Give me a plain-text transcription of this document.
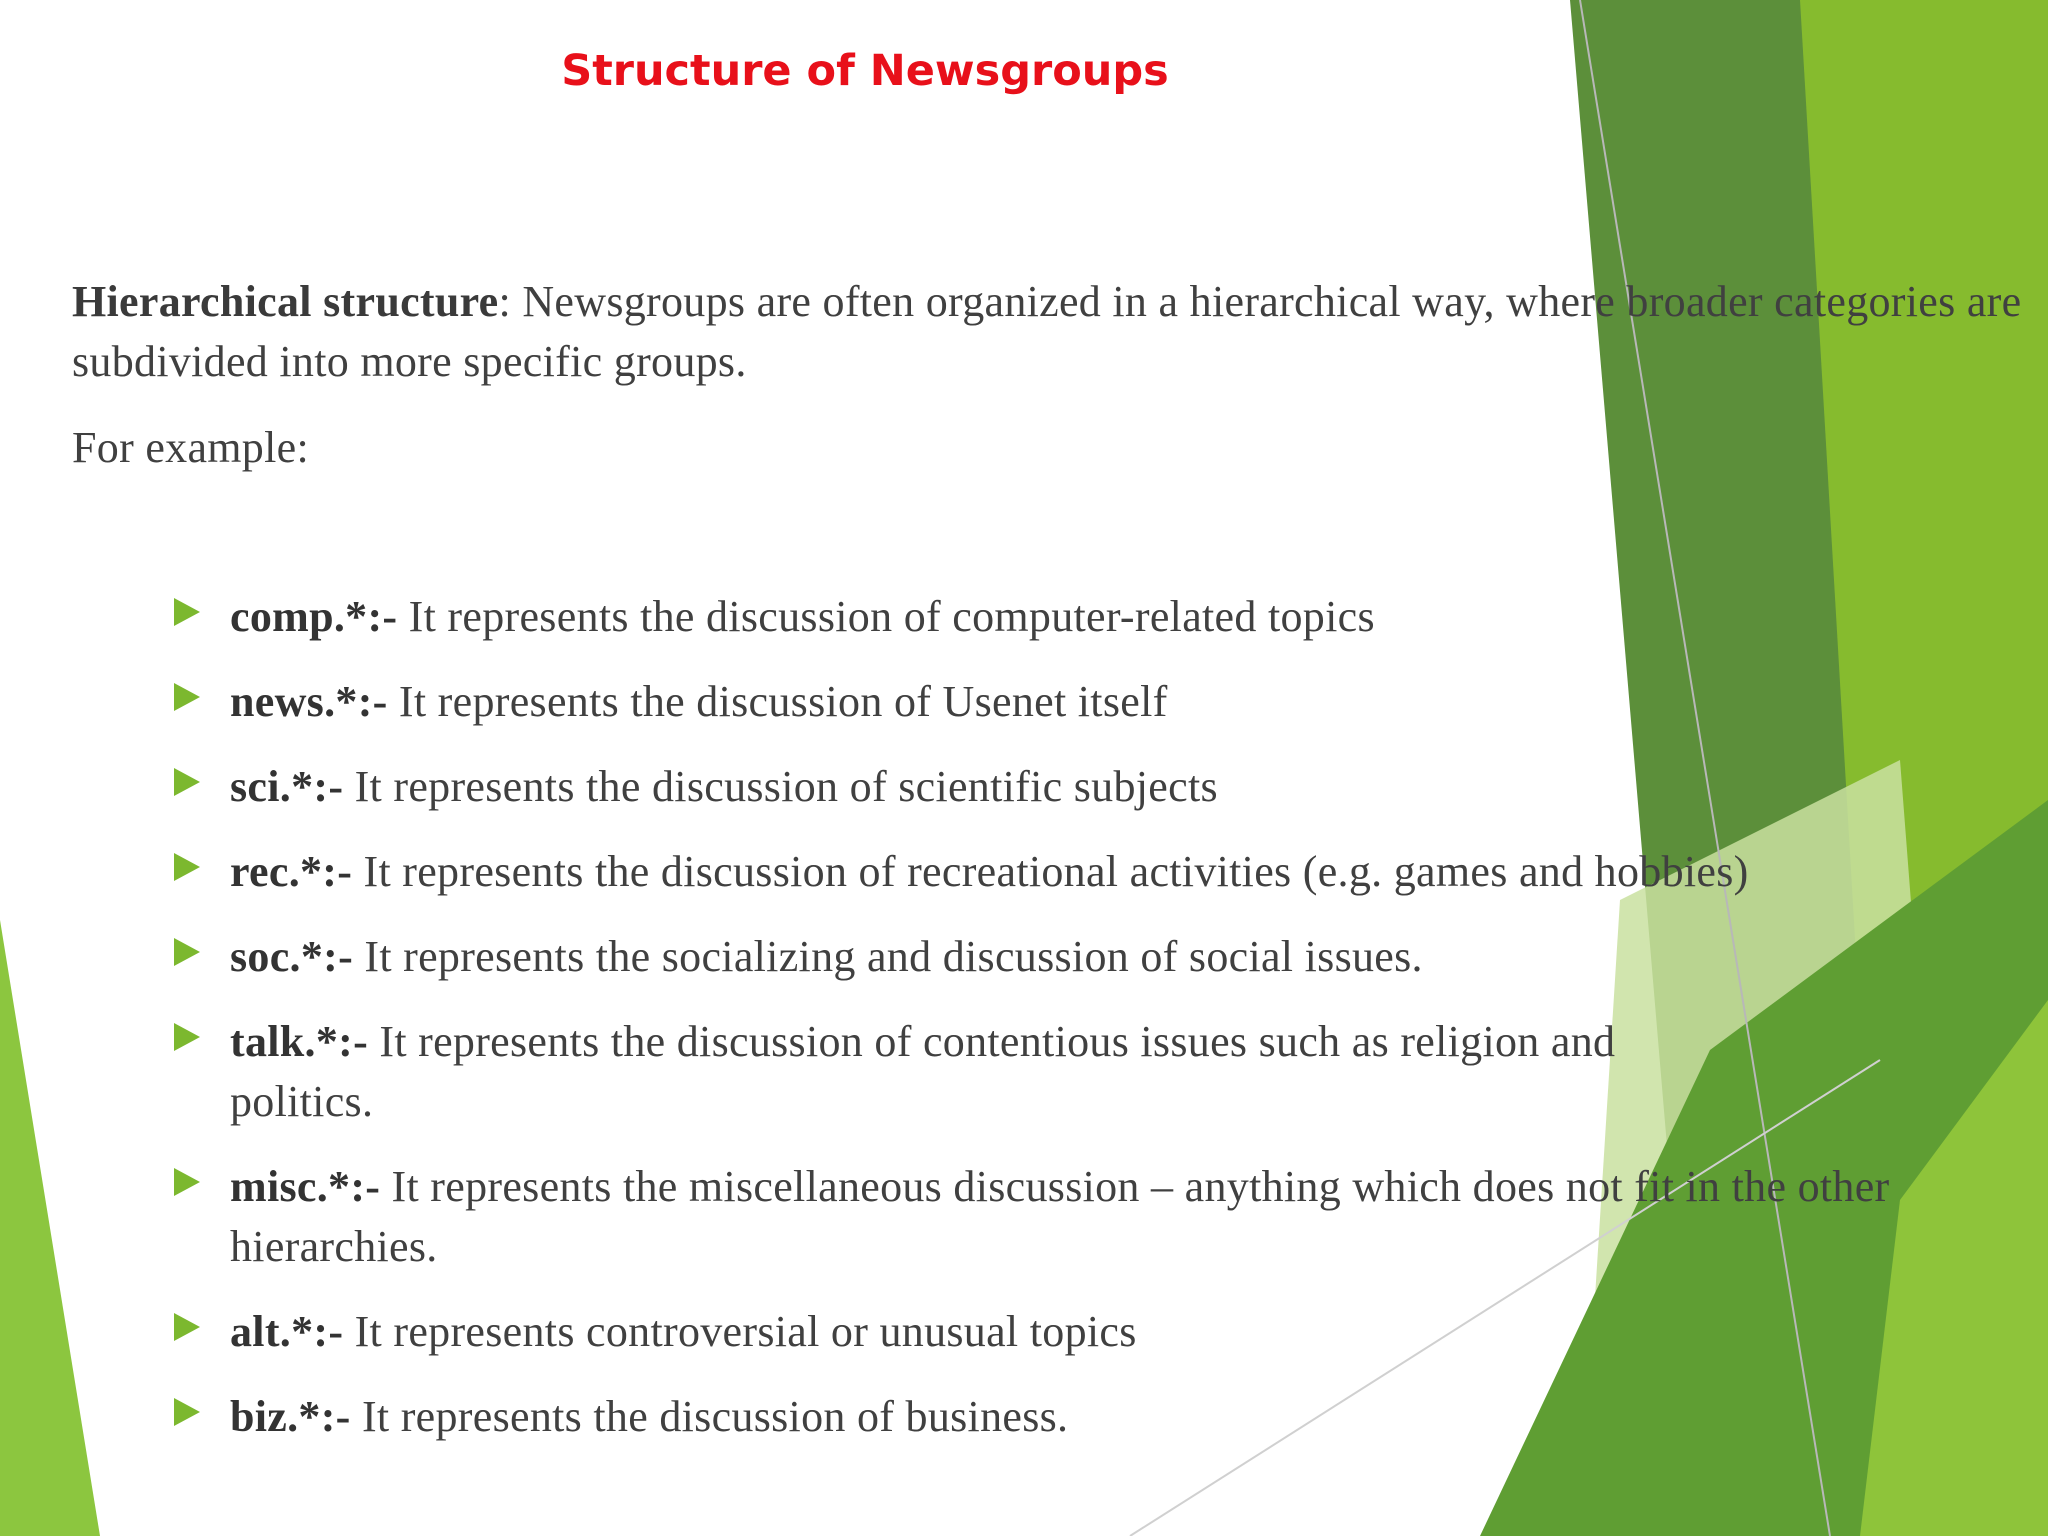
Structure of Newsgroups

Hierarchical structure: Newsgroups are often organized in a hierarchical way, where broader categories are subdivided into more specific groups.

For example:

comp.*:- It represents the discussion of computer-related topics
news.*:- It represents the discussion of Usenet itself
sci.*:- It represents the discussion of scientific subjects
rec.*:- It represents the discussion of recreational activities (e.g. games and hobbies)
soc.*:- It represents the socializing and discussion of social issues.
talk.*:- It represents the discussion of contentious issues such as religion and politics.
misc.*:- It represents the miscellaneous discussion – anything which does not fit in the other hierarchies.
alt.*:- It represents controversial or unusual topics
biz.*:- It represents the discussion of business.
